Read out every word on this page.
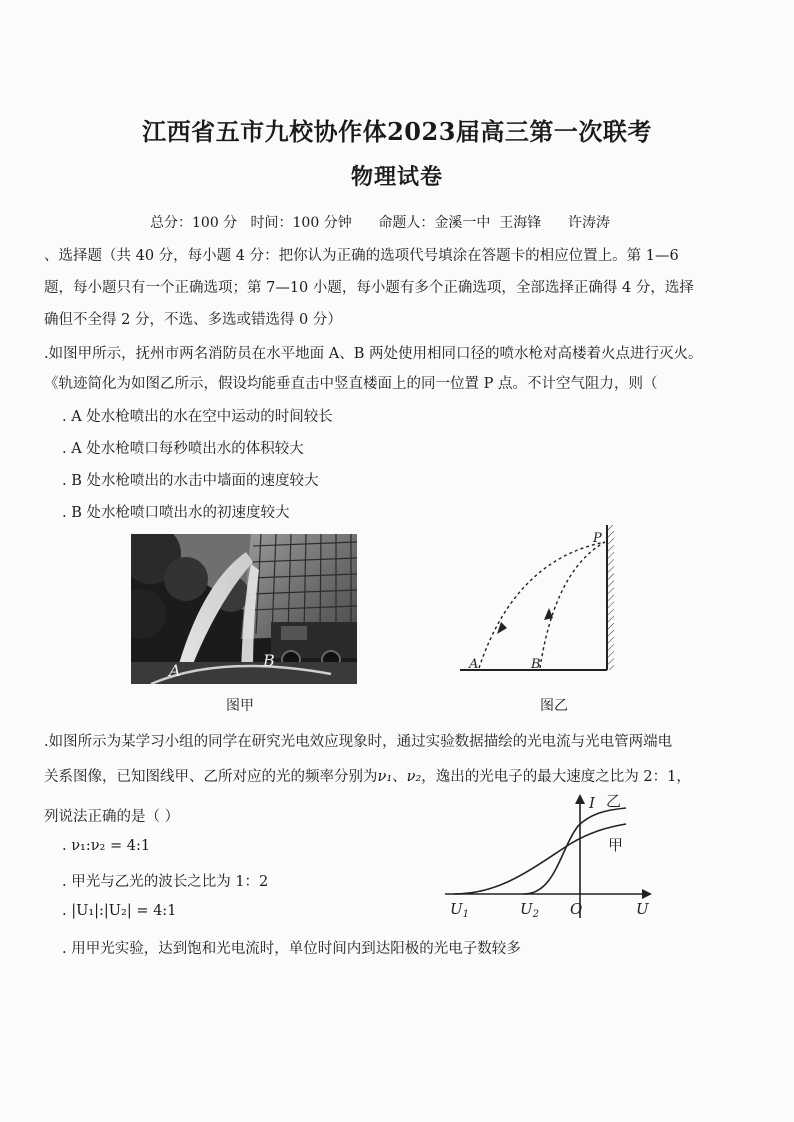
江西省五市九校协作体2023届高三第一次联考
物理试卷
总分：100 分   时间：100 分钟      命题人：金溪一中  王海锋      许涛涛
、选择题（共 40 分，每小题 4 分：把你认为正确的选项代号填涂在答题卡的相应位置上。第 1—6
题，每小题只有一个正确选项；第 7—10 小题，每小题有多个正确选项，全部选择正确得 4 分，选择
确但不全得 2 分，不选、多选或错选得 0 分）
.如图甲所示，抚州市两名消防员在水平地面 A、B 两处使用相同口径的喷水枪对高楼着火点进行灭火。
《轨迹简化为如图乙所示，假设均能垂直击中竖直楼面上的同一位置 P 点。不计空气阻力，则（
. A 处水枪喷出的水在空中运动的时间较长
. A 处水枪喷口每秒喷出水的体积较大
. B 处水枪喷出的水击中墙面的速度较大
. B 处水枪喷口喷出水的初速度较大
A
B
图甲
P
A	B
图乙
.如图所示为某学习小组的同学在研究光电效应现象时，通过实验数据描绘的光电流与光电管两端电
关系图像，已知图线甲、乙所对应的光的频率分别为ν₁、ν₂，逸出的光电子的最大速度之比为 2：1，
列说法正确的是（ ）
. ν₁:ν₂ = 4:1
. 甲光与乙光的波长之比为 1：2
. |U₁|:|U₂| = 4:1
. 用甲光实验，达到饱和光电流时，单位时间内到达阳极的光电子数较多
I
U
O
$U_1$	$U_2$
乙
甲
